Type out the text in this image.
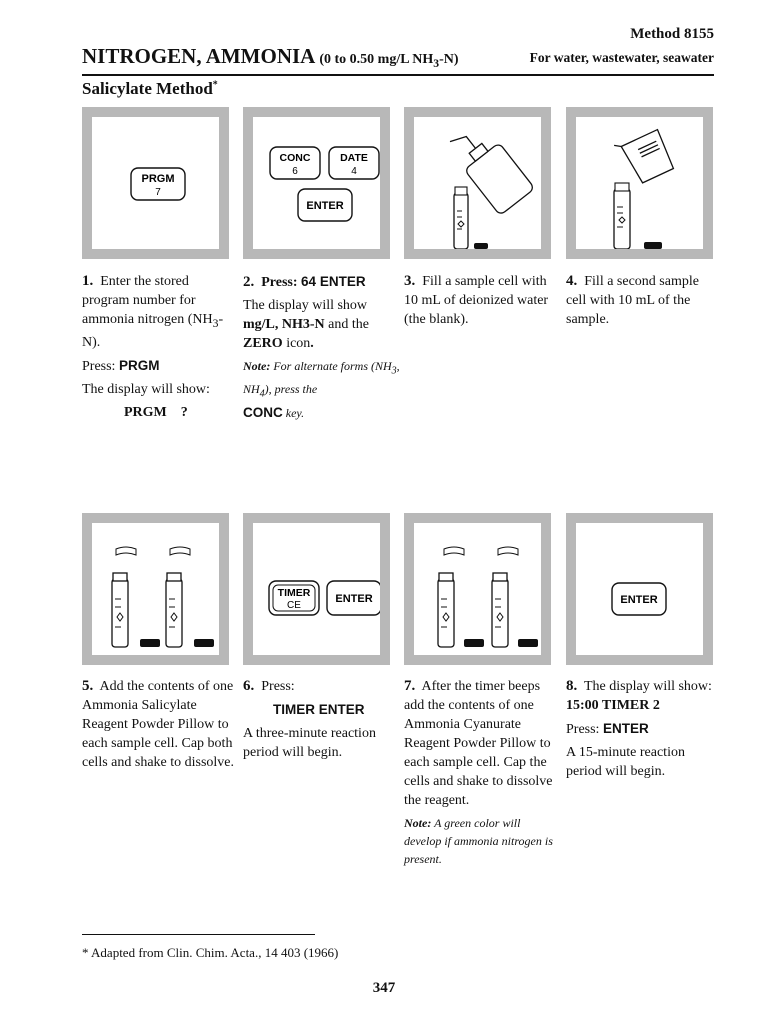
Method 8155
NITROGEN, AMMONIA (0 to 0.50 mg/L $NH_3-N$)	For water, wastewater, seawater
Salicylate Method*
PRGM
7
CONC
6
DATE
4
ENTER

1. Enter the stored program number for ammonia nitrogen $(NH_3-N)$.

Press: PRGM

The display will show:

PRGM    ?

2. Press: 64 ENTER

The display will show mg/L, NH3-N and the ZERO icon.

Note: For alternate forms ($NH_3$, $NH_4$), press the
CONC key.

3. Fill a sample cell with 10 mL of deionized water (the blank).

4. Fill a second sample cell with 10 mL of the sample.

TIMER
CE
ENTER	ENTER

5. Add the contents of one Ammonia Salicylate Reagent Powder Pillow to each sample cell. Cap both cells and shake to dissolve.

6. Press:

TIMER ENTER

A three-minute reaction period will begin.

7. After the timer beeps add the contents of one Ammonia Cyanurate Reagent Powder Pillow to each sample cell. Cap the cells and shake to dissolve the reagent.

Note: A green color will develop if ammonia nitrogen is present.

8. The display will show: 15:00 TIMER 2

Press: ENTER

A 15-minute reaction period will begin.

* Adapted from Clin. Chim. Acta., 14 403 (1966)
347
